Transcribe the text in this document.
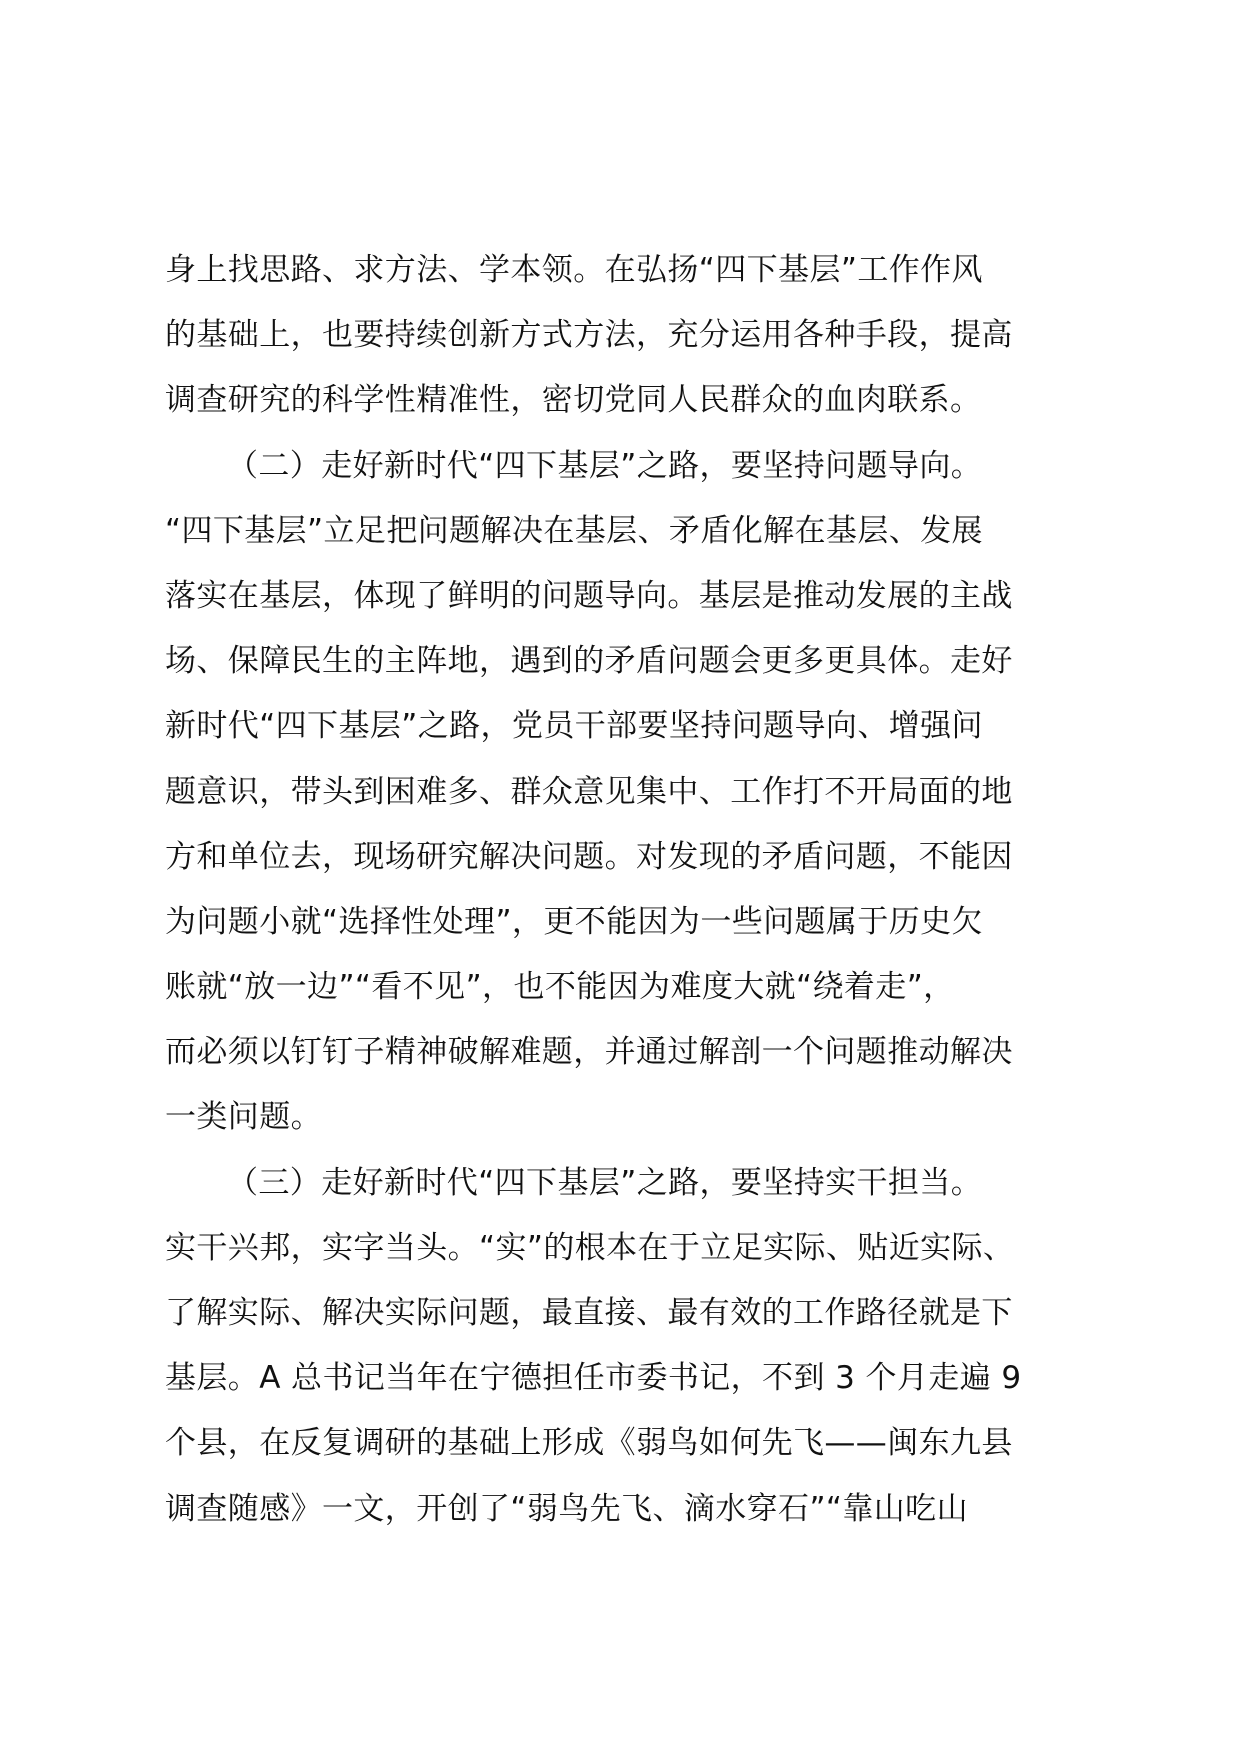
身上找思路、求方法、学本领。在弘扬“四下基层”工作作风
的基础上，也要持续创新方式方法，充分运用各种手段，提高
调查研究的科学性精准性，密切党同人民群众的血肉联系。
（二）走好新时代“四下基层”之路，要坚持问题导向。
“四下基层”立足把问题解决在基层、矛盾化解在基层、发展
落实在基层，体现了鲜明的问题导向。基层是推动发展的主战
场、保障民生的主阵地，遇到的矛盾问题会更多更具体。走好
新时代“四下基层”之路，党员干部要坚持问题导向、增强问
题意识，带头到困难多、群众意见集中、工作打不开局面的地
方和单位去，现场研究解决问题。对发现的矛盾问题，不能因
为问题小就“选择性处理”，更不能因为一些问题属于历史欠
账就“放一边”“看不见”，也不能因为难度大就“绕着走”，
而必须以钉钉子精神破解难题，并通过解剖一个问题推动解决
一类问题。
（三）走好新时代“四下基层”之路，要坚持实干担当。
实干兴邦，实字当头。“实”的根本在于立足实际、贴近实际、
了解实际、解决实际问题，最直接、最有效的工作路径就是下
基层。A 总书记当年在宁德担任市委书记，不到 3 个月走遍 9
个县，在反复调研的基础上形成《弱鸟如何先飞——闽东九县
调查随感》一文，开创了“弱鸟先飞、滴水穿石”“靠山吃山
